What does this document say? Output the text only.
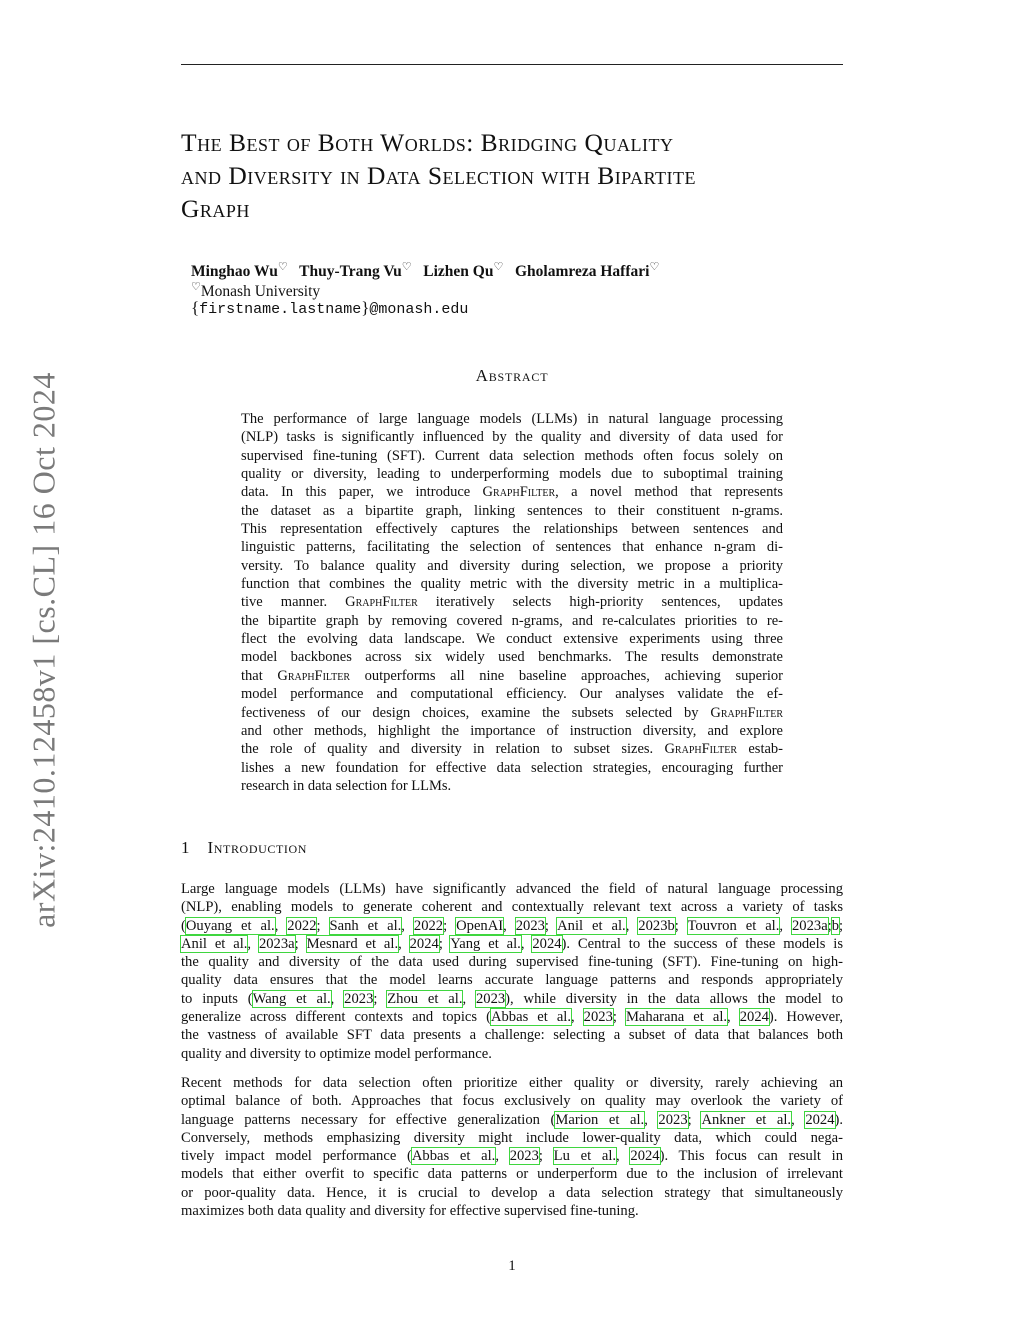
arXiv:2410.12458v1 [cs.CL] 16 Oct 2024
The Best of Both Worlds: Bridging Quality
and Diversity in Data Selection with Bipartite
Graph
Minghao Wu♡ Thuy-Trang Vu♡ Lizhen Qu♡ Gholamreza Haffari♡
♡Monash University
{firstname.lastname}@monash.edu
Abstract
The performance of large language models (LLMs) in natural language processing
(NLP) tasks is significantly influenced by the quality and diversity of data used for
supervised fine-tuning (SFT). Current data selection methods often focus solely on
quality or diversity, leading to underperforming models due to suboptimal training
data. In this paper, we introduce GraphFilter, a novel method that represents
the dataset as a bipartite graph, linking sentences to their constituent n-grams.
This representation effectively captures the relationships between sentences and
linguistic patterns, facilitating the selection of sentences that enhance n-gram di-
versity. To balance quality and diversity during selection, we propose a priority
function that combines the quality metric with the diversity metric in a multiplica-
tive manner. GraphFilter iteratively selects high-priority sentences, updates
the bipartite graph by removing covered n-grams, and re-calculates priorities to re-
flect the evolving data landscape. We conduct extensive experiments using three
model backbones across six widely used benchmarks. The results demonstrate
that GraphFilter outperforms all nine baseline approaches, achieving superior
model performance and computational efficiency. Our analyses validate the ef-
fectiveness of our design choices, examine the subsets selected by GraphFilter
and other methods, highlight the importance of instruction diversity, and explore
the role of quality and diversity in relation to subset sizes. GraphFilter estab-
lishes a new foundation for effective data selection strategies, encouraging further
research in data selection for LLMs.
1 Introduction
Large language models (LLMs) have significantly advanced the field of natural language processing
(NLP), enabling models to generate coherent and contextually relevant text across a variety of tasks
(Ouyang et al., 2022; Sanh et al., 2022; OpenAI, 2023; Anil et al., 2023b; Touvron et al., 2023a;b;
Anil et al., 2023a; Mesnard et al., 2024; Yang et al., 2024). Central to the success of these models is
the quality and diversity of the data used during supervised fine-tuning (SFT). Fine-tuning on high-
quality data ensures that the model learns accurate language patterns and responds appropriately
to inputs (Wang et al., 2023; Zhou et al., 2023), while diversity in the data allows the model to
generalize across different contexts and topics (Abbas et al., 2023; Maharana et al., 2024). However,
the vastness of available SFT data presents a challenge: selecting a subset of data that balances both
quality and diversity to optimize model performance.
Recent methods for data selection often prioritize either quality or diversity, rarely achieving an
optimal balance of both. Approaches that focus exclusively on quality may overlook the variety of
language patterns necessary for effective generalization (Marion et al., 2023; Ankner et al., 2024).
Conversely, methods emphasizing diversity might include lower-quality data, which could nega-
tively impact model performance (Abbas et al., 2023; Lu et al., 2024). This focus can result in
models that either overfit to specific data patterns or underperform due to the inclusion of irrelevant
or poor-quality data. Hence, it is crucial to develop a data selection strategy that simultaneously
maximizes both data quality and diversity for effective supervised fine-tuning.
1
